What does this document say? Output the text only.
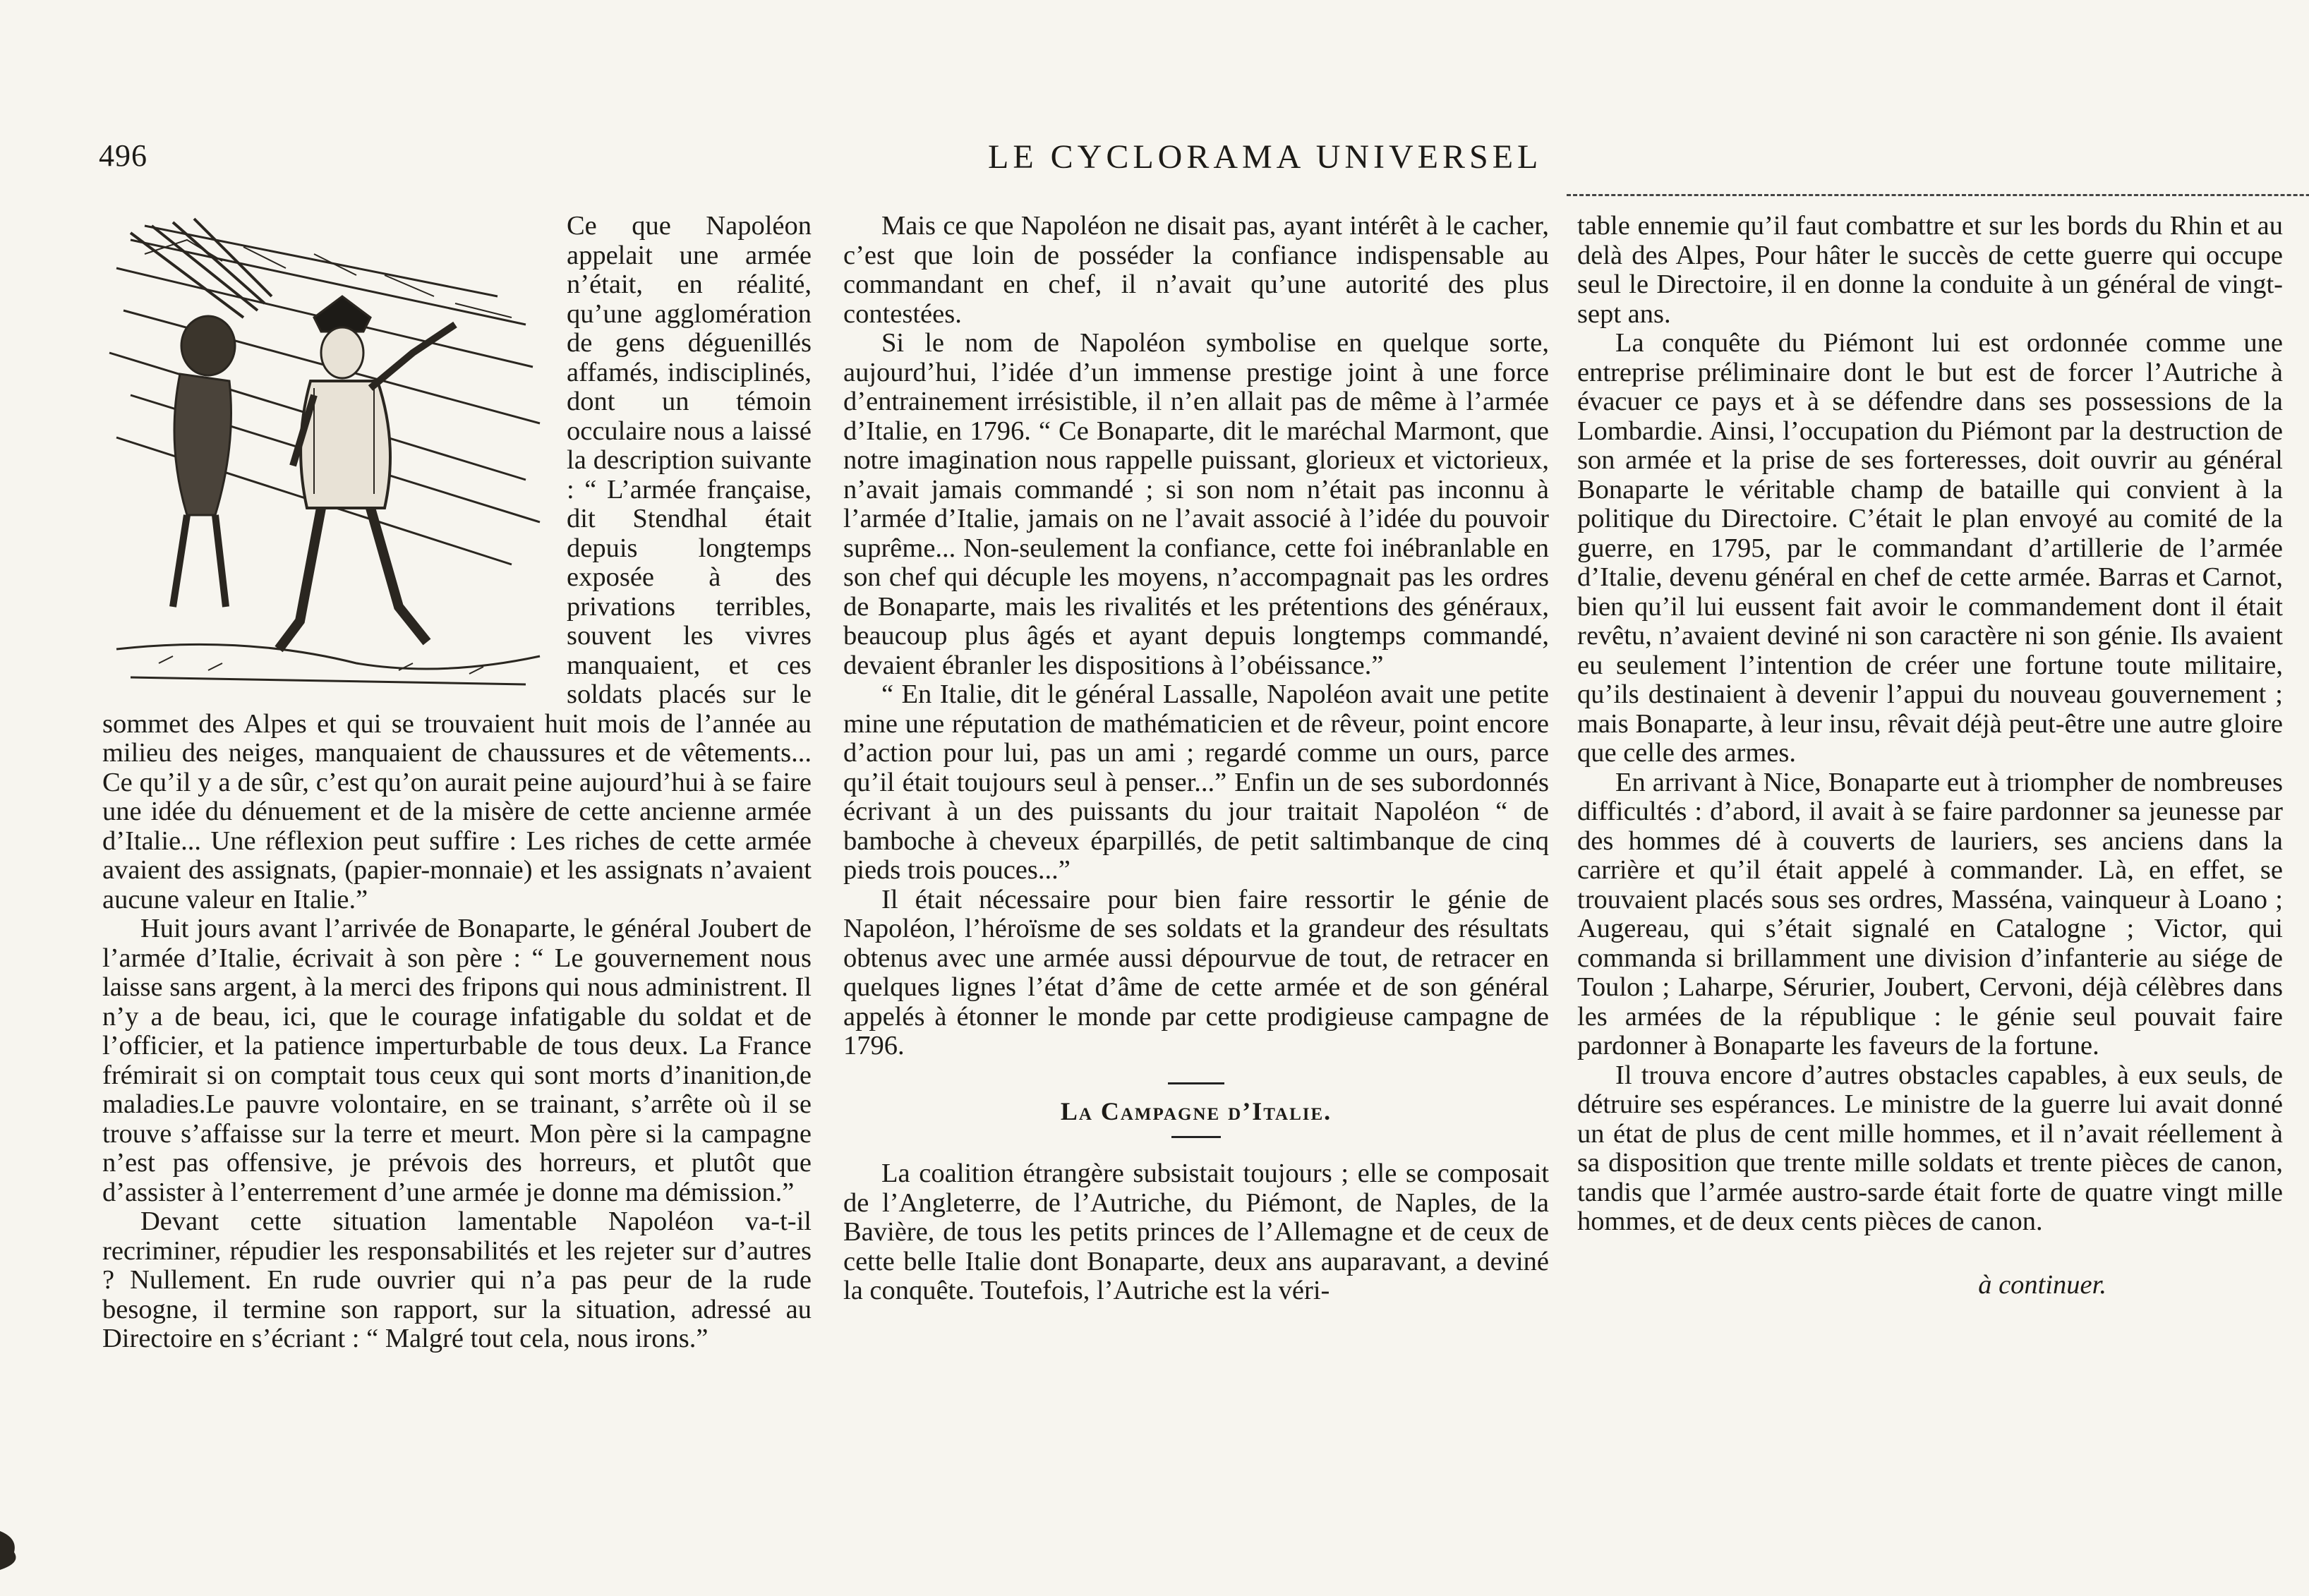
496	LE CYCLORAMA UNIVERSEL

Ce que Napoléon appelait une armée n’était, en réalité, qu’une agglomération de gens déguenillés affamés, indisciplinés, dont un témoin occulaire nous a laissé la description suivante : “ L’armée française, dit Stendhal était depuis longtemps exposée à des privations terribles, souvent les vivres manquaient, et ces soldats placés sur le sommet des Alpes et qui se trouvaient huit mois de l’année au milieu des neiges, manquaient de chaussures et de vêtements... Ce qu’il y a de sûr, c’est qu’on aurait peine aujourd’hui à se faire une idée du dénuement et de la misère de cette ancienne armée d’Italie... Une réflexion peut suffire : Les riches de cette armée avaient des assignats, (papier-monnaie) et les assignats n’avaient aucune valeur en Italie.”

Huit jours avant l’arrivée de Bonaparte, le général Joubert de l’armée d’Italie, écrivait à son père : “ Le gouvernement nous laisse sans argent, à la merci des fripons qui nous administrent. Il n’y a de beau, ici, que le courage infatigable du soldat et de l’officier, et la patience imperturbable de tous deux. La France frémirait si on comptait tous ceux qui sont morts d’inanition,de maladies.Le pauvre volontaire, en se trainant, s’arrête où il se trouve s’affaisse sur la terre et meurt. Mon père si la campagne n’est pas offensive, je prévois des horreurs, et plutôt que d’assister à l’enterrement d’une armée je donne ma démission.”

Devant cette situation lamentable Napoléon va-t-il recriminer, répudier les responsabilités et les rejeter sur d’autres ? Nullement. En rude ouvrier qui n’a pas peur de la rude besogne, il termine son rapport, sur la situation, adressé au Directoire en s’écriant : “ Malgré tout cela, nous irons.”

Mais ce que Napoléon ne disait pas, ayant intérêt à le cacher, c’est que loin de posséder la confiance indispensable au commandant en chef, il n’avait qu’une autorité des plus contestées.

Si le nom de Napoléon symbolise en quelque sorte, aujourd’hui, l’idée d’un immense prestige joint à une force d’entrainement irrésistible, il n’en allait pas de même à l’armée d’Italie, en 1796. “ Ce Bonaparte, dit le maréchal Marmont, que notre imagination nous rappelle puissant, glorieux et victorieux, n’avait jamais commandé ; si son nom n’était pas inconnu à l’armée d’Italie, jamais on ne l’avait associé à l’idée du pouvoir suprême... Non-seulement la confiance, cette foi inébranlable en son chef qui décuple les moyens, n’accompagnait pas les ordres de Bonaparte, mais les rivalités et les prétentions des généraux, beaucoup plus âgés et ayant depuis longtemps commandé, devaient ébranler les dispositions à l’obéissance.”

“ En Italie, dit le général Lassalle, Napoléon avait une petite mine une réputation de mathématicien et de rêveur, point encore d’action pour lui, pas un ami ; regardé comme un ours, parce qu’il était toujours seul à penser...” Enfin un de ses subordonnés écrivant à un des puissants du jour traitait Napoléon “ de bamboche à cheveux éparpillés, de petit saltimbanque de cinq pieds trois pouces...”

Il était nécessaire pour bien faire ressortir le génie de Napoléon, l’héroïsme de ses soldats et la grandeur des résultats obtenus avec une armée aussi dépourvue de tout, de retracer en quelques lignes l’état d’âme de cette armée et de son général appelés à étonner le monde par cette prodigieuse campagne de 1796.

La Campagne d’Italie.

La coalition étrangère subsistait toujours ; elle se composait de l’Angleterre, de l’Autriche, du Piémont, de Naples, de la Bavière, de tous les petits princes de l’Allemagne et de ceux de cette belle Italie dont Bonaparte, deux ans auparavant, a deviné la conquête. Toutefois, l’Autriche est la véri-

table ennemie qu’il faut combattre et sur les bords du Rhin et au delà des Alpes, Pour hâter le succès de cette guerre qui occupe seul le Directoire, il en donne la conduite à un général de vingt-sept ans.

La conquête du Piémont lui est ordonnée comme une entreprise préliminaire dont le but est de forcer l’Autriche à évacuer ce pays et à se défendre dans ses possessions de la Lombardie. Ainsi, l’occupation du Piémont par la destruction de son armée et la prise de ses forteresses, doit ouvrir au général Bonaparte le véritable champ de bataille qui convient à la politique du Directoire. C’était le plan envoyé au comité de la guerre, en 1795, par le commandant d’artillerie de l’armée d’Italie, devenu général en chef de cette armée. Barras et Carnot, bien qu’il lui eussent fait avoir le commandement dont il était revêtu, n’avaient deviné ni son caractère ni son génie. Ils avaient eu seulement l’intention de créer une fortune toute militaire, qu’ils destinaient à devenir l’appui du nouveau gouvernement ; mais Bonaparte, à leur insu, rêvait déjà peut-être une autre gloire que celle des armes.

En arrivant à Nice, Bonaparte eut à triompher de nombreuses difficultés : d’abord, il avait à se faire pardonner sa jeunesse par des hommes dé à couverts de lauriers, ses anciens dans la carrière et qu’il était appelé à commander. Là, en effet, se trouvaient placés sous ses ordres, Masséna, vainqueur à Loano ; Augereau, qui s’était signalé en Catalogne ; Victor, qui commanda si brillamment une division d’infanterie au siége de Toulon ; Laharpe, Sérurier, Joubert, Cervoni, déjà célèbres dans les armées de la république : le génie seul pouvait faire pardonner à Bonaparte les faveurs de la fortune.

Il trouva encore d’autres obstacles capables, à eux seuls, de détruire ses espérances. Le ministre de la guerre lui avait donné un état de plus de cent mille hommes, et il n’avait réellement à sa disposition que trente mille soldats et trente pièces de canon, tandis que l’armée austro-sarde était forte de quatre vingt mille hommes, et de deux cents pièces de canon.

à continuer.
